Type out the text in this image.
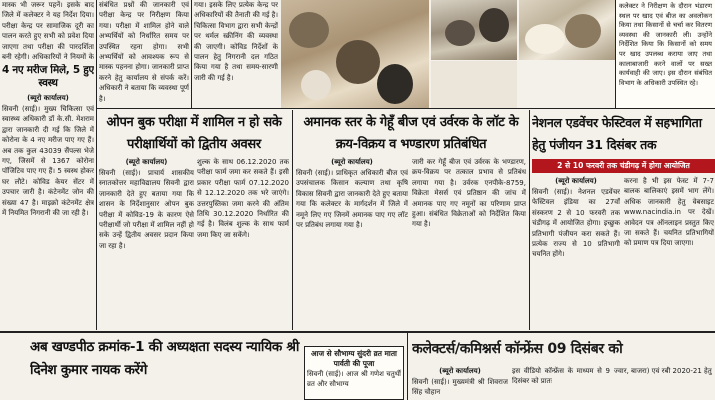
मास्क भी जरूर पहनें। इसके बाद जिले में कलेक्टर ने यह निर्देश दिया। परीक्षा केन्द्र पर सामाजिक दूरी का पालन करते हुए सभी को प्रवेश दिया जाएगा तथा परीक्षा की पारदर्शिता बनी रहेगी। अधिकारियों ने नियमों के
4 नए मरीज मिले, 5 हुए स्वस्थ
(ब्यूरो कार्यालय)
सिवनी (साई)। मुख्य चिकित्सा एवं स्वास्थ्य अधिकारी डॉ के.सी. मेशराम द्वारा जानकारी दी गई कि जिले में कोरोना के 4 नए मरीज पाए गए हैं। अब तक कुल 43039 सैंपल्स भेजे गए, जिसमें से 1367 कोरोना पॉजिटिव पाए गए हैं। 5 स्वस्थ होकर घर लौटे। कोविड केयर सेंटर में उपचार जारी है। कंटेनमेंट जोन की संख्या 47 है। माइक्रो कंटेनमेंट क्षेत्र में नियमित निगरानी की जा रही है।
संबंधित प्रश्नों की जानकारी एवं परीक्षा केन्द्र पर निरीक्षण किया गया। परीक्षा में शामिल होने वाले अभ्यर्थियों को निर्धारित समय पर उपस्थित रहना होगा। सभी अभ्यर्थियों को आवश्यक रूप से मास्क पहनना होगा। जानकारी प्राप्त करने हेतु कार्यालय से संपर्क करें। अधिकारी ने बताया कि व्यवस्था पूर्ण है।
गया। इसके लिए प्रत्येक केन्द्र पर अधिकारियों की तैनाती की गई है। चिकित्सा विभाग द्वारा सभी केन्द्रों पर थर्मल स्क्रीनिंग की व्यवस्था की जाएगी। कोविड निर्देशों के पालन हेतु निगरानी दल गठित किया गया है तथा समय-सारणी जारी की गई है।
कलेक्टर ने निरीक्षण के दौरान भंडारण स्थल पर खाद एवं बीज का अवलोकन किया तथा किसानों से चर्चा कर वितरण व्यवस्था की जानकारी ली। उन्होंने निर्देशित किया कि किसानों को समय पर खाद उपलब्ध कराया जाए तथा कालाबाजारी करने वालों पर सख्त कार्यवाही की जाए। इस दौरान संबंधित विभाग के अधिकारी उपस्थित रहे।
ओपन बुक परीक्षा में शामिल न हो सके परीक्षार्थियों को द्वितीय अवसर
(ब्यूरो कार्यालय)
सिवनी (साई)। प्राचार्य शासकीय स्नातकोत्तर महाविद्यालय सिवनी द्वारा जानकारी देते हुए बताया गया कि शासन के निर्देशानुसार ओपन बुक परीक्षा में कोविड-19 के कारण ऐसे परीक्षार्थी जो परीक्षा में शामिल नहीं हो सके उन्हें द्वितीय अवसर प्रदान किया जा रहा है।
शुल्क के साथ 06.12.2020 तक परीक्षा फार्म जमा कर सकते हैं। इसी प्रकार परीक्षा फार्म 07.12.2020 से 12.12.2020 तक भरे जाएंगे। उत्तरपुस्तिका जमा करने की अंतिम तिथि 30.12.2020 निर्धारित की गई है। विलंब शुल्क के साथ फार्म जमा किए जा सकेंगे।
अमानक स्तर के गेहूँ बीज एवं उर्वरक के लॉट के क्रय-विक्रय व भण्डारण प्रतिबंधित
(ब्यूरो कार्यालय)
सिवनी (साई)। प्राधिकृत अधिकारी बीज एवं उपसंचालक किसान कल्याण तथा कृषि विकास सिवनी द्वारा जानकारी देते हुए बताया गया कि कलेक्टर के मार्गदर्शन में जिले में नमूने लिए गए जिनमें अमानक पाए गए लॉट पर प्रतिबंध लगाया गया है।
जारी कर गेहूँ बीज एवं उर्वरक के भण्डारण, क्रय-विक्रय पर तत्काल प्रभाव से प्रतिबंध लगाया गया है। उर्वरक एनपीके-8759, विक्रेता मेसर्स एवं प्रतिष्ठान की जांच में अमानक पाए गए नमूनों का परिणाम प्राप्त हुआ। संबंधित विक्रेताओं को निर्देशित किया गया है।
नेशनल एडवेंचर फेस्टिवल में सहभागिता हेतु पंजीयन 31 दिसंबर तक
2 से 10 फरवरी तक चंडीगढ़ में होगा आयोजित
(ब्यूरो कार्यालय)
सिवनी (साई)। नेशनल एडवेंचर फेस्टिवल इंडिया का 27वाँ संस्करण 2 से 10 फरवरी तक चंडीगढ़ में आयोजित होगा। इच्छुक प्रतिभागी पंजीयन करा सकते हैं। प्रत्येक राज्य से 10 प्रतिभागी चयनित होंगे।
करना है भी इस फेस्ट में 7-7 बालक बालिकाएं इसमें भाग लेंगे। अधिक जानकारी हेतु वेबसाइट www.nacindia.in पर देखें। आवेदन पत्र ऑनलाइन प्रस्तुत किए जा सकते हैं। चयनित प्रतिभागियों को प्रमाण पत्र दिया जाएगा।
अब खण्डपीठ क्रमांक-1 की अध्यक्षता सदस्य न्यायिक श्री दिनेश कुमार नायक करेंगे
आज से सौभाग्य सुंदरी व्रत माता पार्वती की पूजा
सिवनी (साई)। आज श्री गणेश चतुर्थी व्रत और सौभाग्य
कलेक्टर्स/कमिश्नर्स कॉन्फ्रेंस 09 दिसंबर को
(ब्यूरो कार्यालय)
सिवनी (साई)। मुख्यमंत्री श्री शिवराज सिंह चौहान
इस वीडियो कॉन्फ्रेंस के माध्यम से 9 दिसंबर को प्रातः
ज्वार, बाजरा) एवं रबी 2020-21 हेतु
